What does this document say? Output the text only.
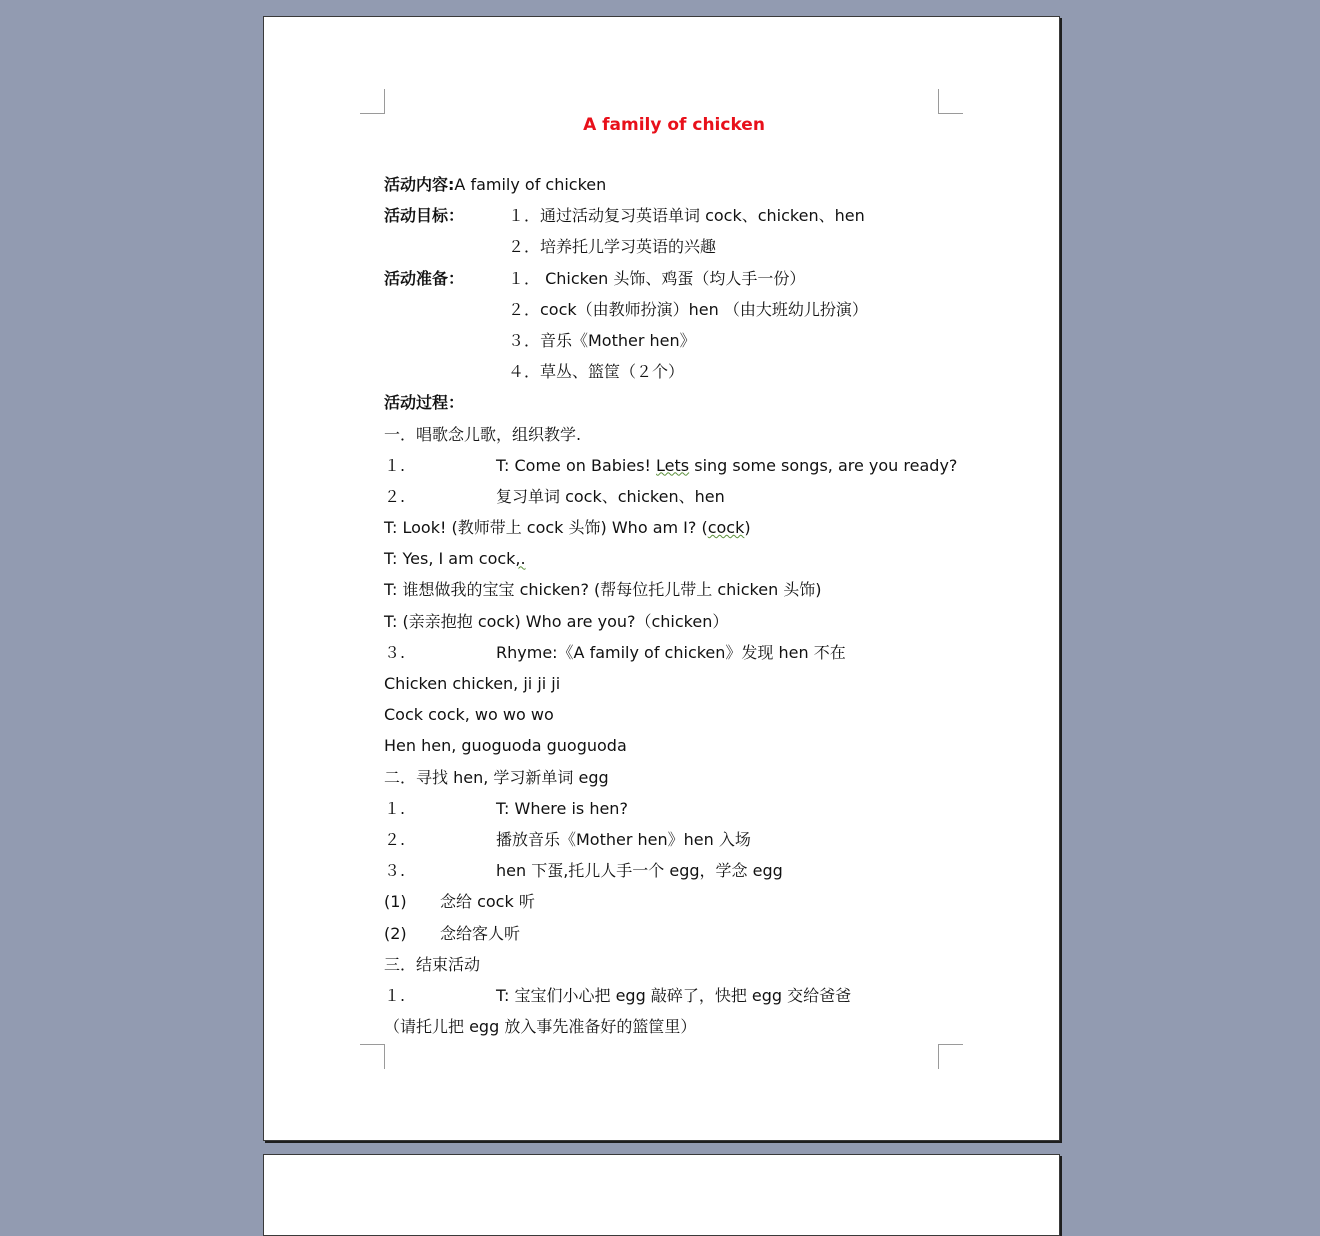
A family of chicken
活动内容:A family of chicken
活动目标：	１．通过活动复习英语单词 cock、chicken、hen
２．培养托儿学习英语的兴趣
活动准备：	１． Chicken 头饰、鸡蛋（均人手一份）
２．cock（由教师扮演）hen （由大班幼儿扮演）
３．音乐《Mother hen》
４．草丛、篮筐（２个）
活动过程：
一．唱歌念儿歌，组织教学.
１.	T: Come on Babies! Lets sing some songs, are you ready?
２.	复习单词 cock、chicken、hen
T: Look! (教师带上 cock 头饰) Who am I? (cock)
T: Yes, I am cock,.
T: 谁想做我的宝宝 chicken? (帮每位托儿带上 chicken 头饰)
T: (亲亲抱抱 cock) Who are you?（chicken）
３.	Rhyme:《A family of chicken》发现 hen 不在
Chicken chicken, ji ji ji
Cock cock, wo wo wo
Hen hen, guoguoda guoguoda
二．寻找 hen, 学习新单词 egg
１.	T: Where is hen?
２.	播放音乐《Mother hen》hen 入场
３.	hen 下蛋,托儿人手一个 egg，学念 egg
(1) 念给 cock 听
(2) 念给客人听
三．结束活动
１.	T: 宝宝们小心把 egg 敲碎了，快把 egg 交给爸爸
（请托儿把 egg 放入事先准备好的篮筐里）
